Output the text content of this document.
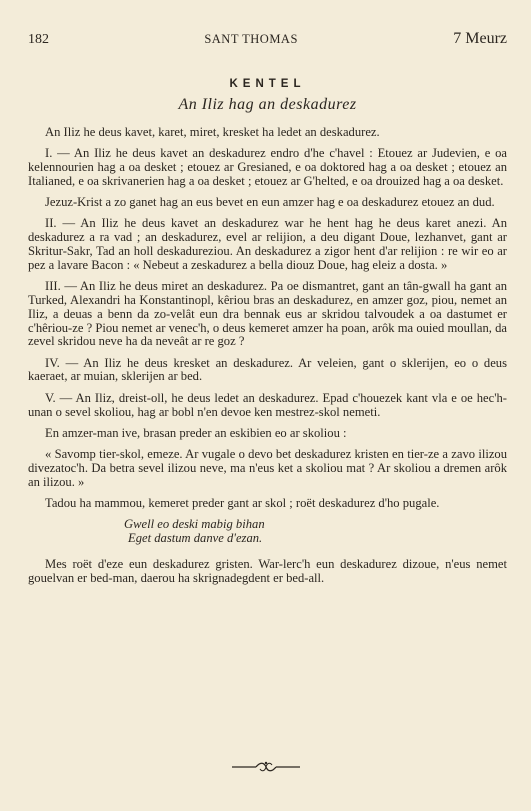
182	SANT THOMAS	7 Meurz
KENTEL
An Iliz hag an deskadurez

An Iliz he deus kavet, karet, miret, kresket ha ledet an deskadurez.

I. — An Iliz he deus kavet an deskadurez endro d'he c'havel : Etouez ar Judevien, e oa kelennourien hag a oa desket ; etouez ar Gresianed, e oa doktored hag a oa desket ; etouez an Italianed, e oa skrivanerien hag a oa desket ; etouez ar G'helted, e oa drouized hag a oa desket.

Jezuz-Krist a zo ganet hag an eus bevet en eun amzer hag e oa deskadurez etouez an dud.

II. — An Iliz he deus kavet an deskadurez war he hent hag he deus karet anezi. An deskadurez a ra vad ; an deskadurez, evel ar relijion, a deu digant Doue, lezhanvet, gant ar Skritur-Sakr, Tad an holl deskadureziou. An deskadurez a zigor hent d'ar relijion : re wir eo ar pez a lavare Bacon : « Nebeut a zeskadurez a bella diouz Doue, hag eleiz a dosta. »

III. — An Iliz he deus miret an deskadurez. Pa oe dismantret, gant an tân-gwall ha gant an Turked, Alexandri ha Konstantinopl, kêriou bras an deskadurez, en amzer goz, piou, nemet an Iliz, a deuas a benn da zo-velât eun dra bennak eus ar skridou talvoudek a oa dastumet er c'hêriou-ze ? Piou nemet ar venec'h, o deus kemeret amzer ha poan, arôk ma ouied moullan, da zevel skridou neve ha da neveât ar re goz ?

IV. — An Iliz he deus kresket an deskadurez. Ar veleien, gant o sklerijen, eo o deus kaeraet, ar muian, sklerijen ar bed.

V. — An Iliz, dreist-oll, he deus ledet an deskadurez. Epad c'houezek kant vla e oe hec'h-unan o sevel skoliou, hag ar bobl n'en devoe ken mestrez-skol nemeti.

En amzer-man ive, brasan preder an eskibien eo ar skoliou :

« Savomp tier-skol, emeze. Ar vugale o devo bet deskadurez kristen en tier-ze a zavo ilizou divezatoc'h. Da betra sevel ilizou neve, ma n'eus ket a skoliou mat ? Ar skoliou a dremen arôk an ilizou. »

Tadou ha mammou, kemeret preder gant ar skol ; roët deskadurez d'ho pugale.

Gwell eo deski mabig bihan
Eget dastum danve d'ezan.

Mes roët d'eze eun deskadurez gristen. War-lerc'h eun deskadurez dizoue, n'eus nemet gouelvan er bed-man, daerou ha skrignadegdent er bed-all.
